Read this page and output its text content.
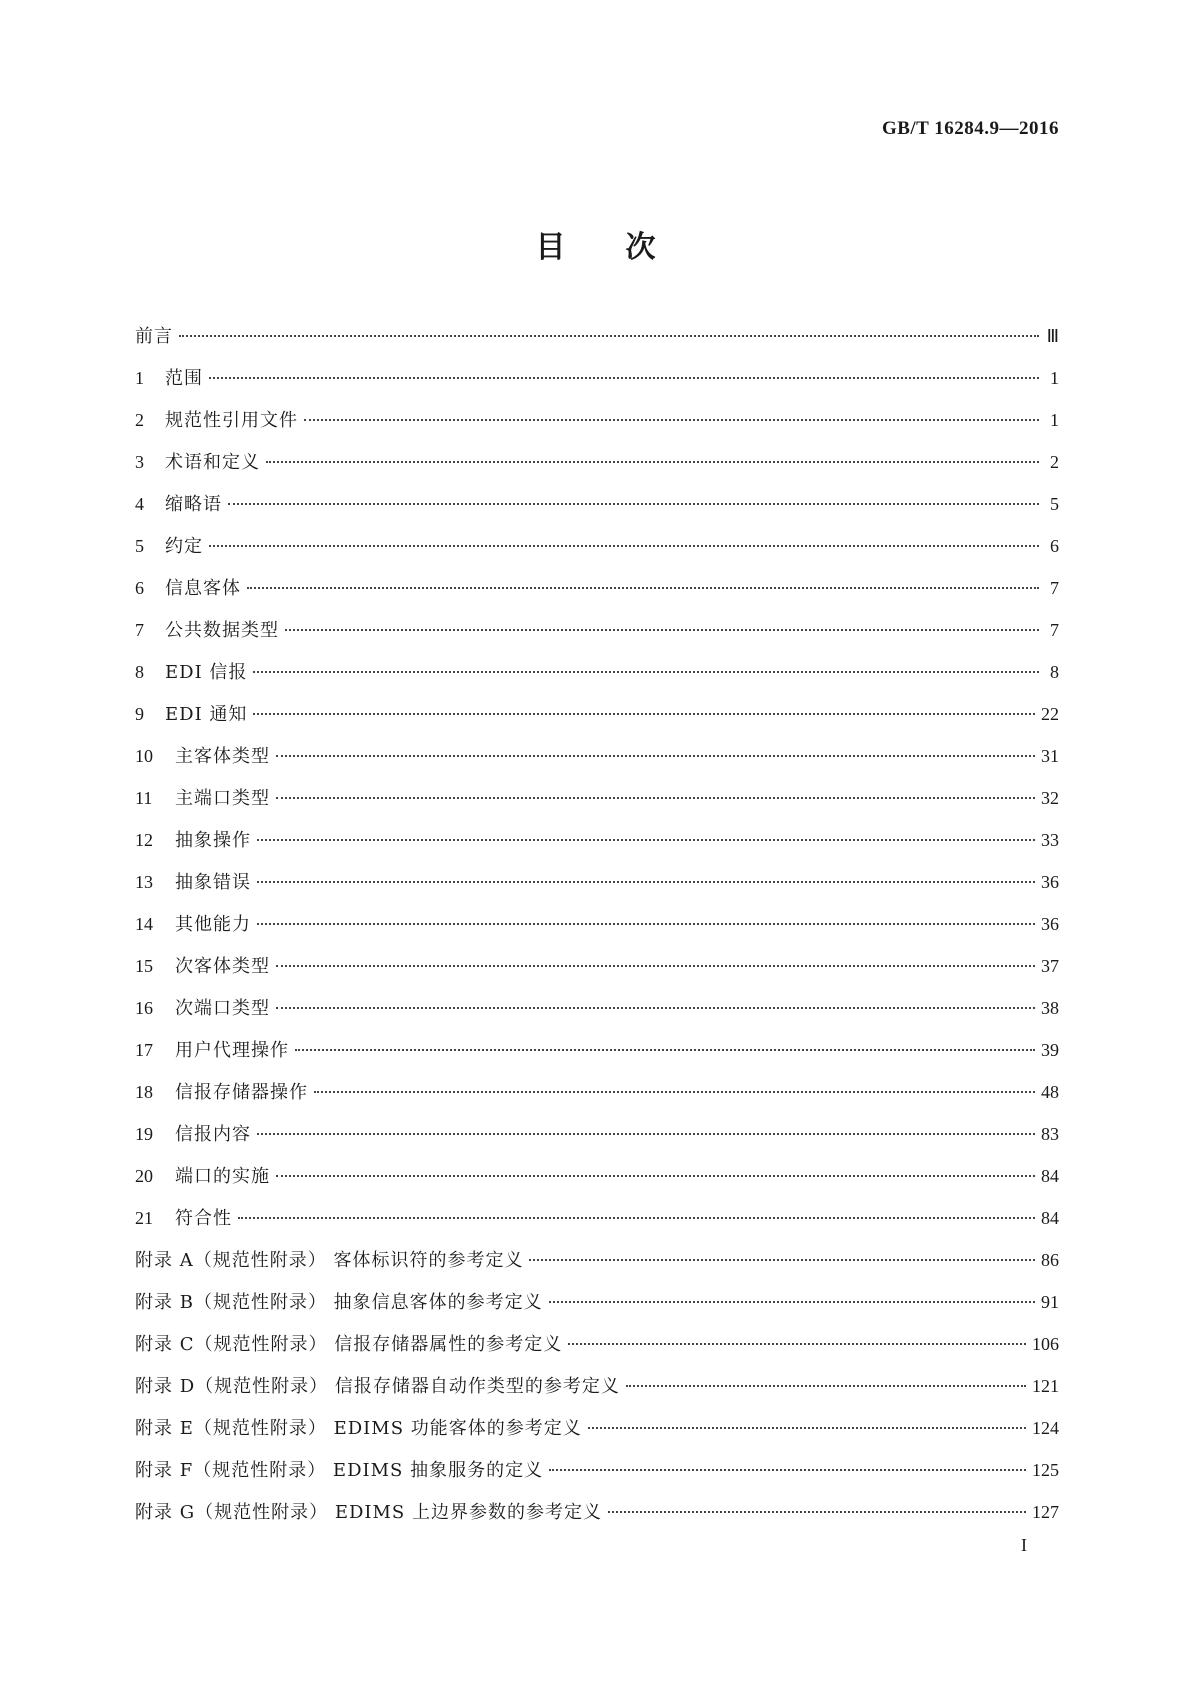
GB/T 16284.9—2016
目次
前言	Ⅲ
1	范围	1
2	规范性引用文件	1
3	术语和定义	2
4	缩略语	5
5	约定	6
6	信息客体	7
7	公共数据类型	7
8	EDI 信报	8
9	EDI 通知	22
10	主客体类型	31
11	主端口类型	32
12	抽象操作	33
13	抽象错误	36
14	其他能力	36
15	次客体类型	37
16	次端口类型	38
17	用户代理操作	39
18	信报存储器操作	48
19	信报内容	83
20	端口的实施	84
21	符合性	84
附录 A（规范性附录） 客体标识符的参考定义	86
附录 B（规范性附录） 抽象信息客体的参考定义	91
附录 C（规范性附录） 信报存储器属性的参考定义	106
附录 D（规范性附录） 信报存储器自动作类型的参考定义	121
附录 E（规范性附录） EDIMS 功能客体的参考定义	124
附录 F（规范性附录） EDIMS 抽象服务的定义	125
附录 G（规范性附录） EDIMS 上边界参数的参考定义	127
I
